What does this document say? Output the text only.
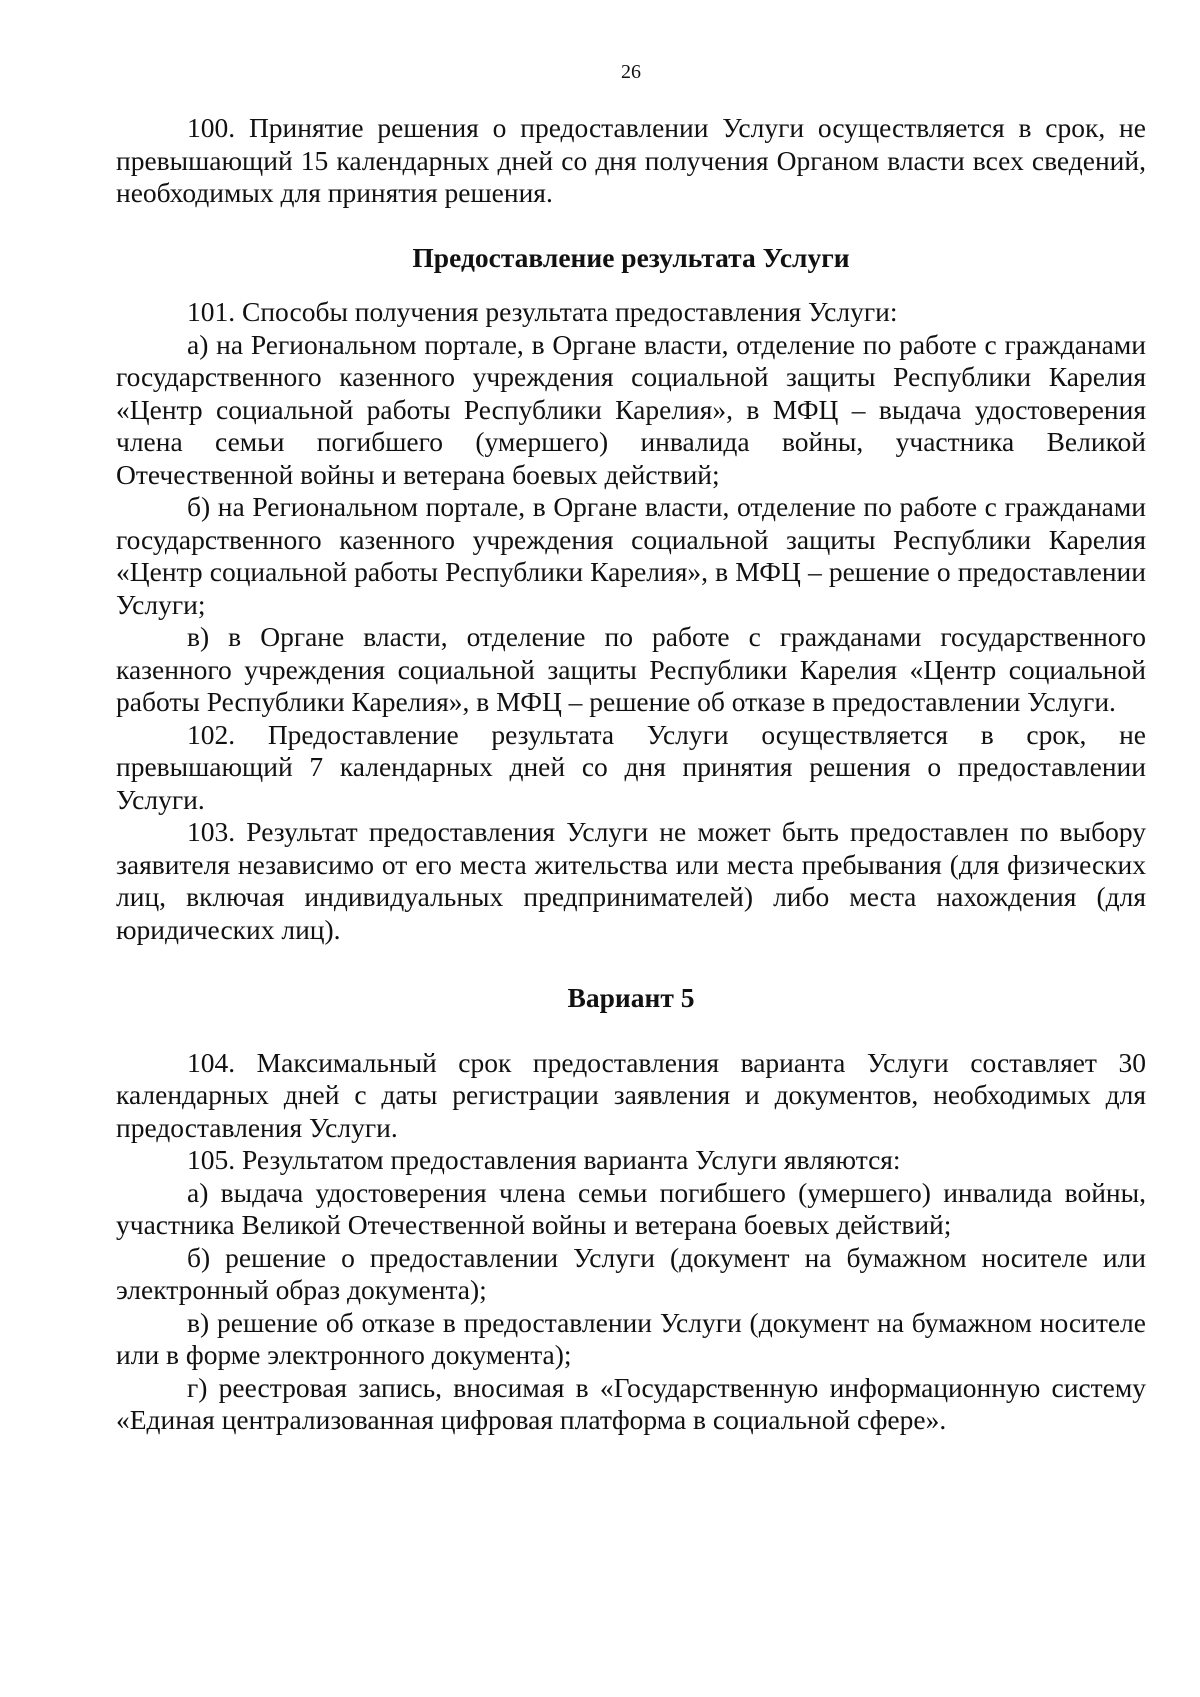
26

100. Принятие решения о предоставлении Услуги осуществляется в срок, не превышающий 15 календарных дней со дня получения Органом власти всех сведений, необходимых для принятия решения.

Предоставление результата Услуги

101. Способы получения результата предоставления Услуги:

а) на Региональном портале, в Органе власти, отделение по работе с гражданами государственного казенного учреждения социальной защиты Республики Карелия «Центр социальной работы Республики Карелия», в МФЦ – выдача удостоверения члена семьи погибшего (умершего) инвалида войны, участника Великой Отечественной войны и ветерана боевых действий;

б) на Региональном портале, в Органе власти, отделение по работе с гражданами государственного казенного учреждения социальной защиты Республики Карелия «Центр социальной работы Республики Карелия», в МФЦ – решение о предоставлении Услуги;

в) в Органе власти, отделение по работе с гражданами государственного казенного учреждения социальной защиты Республики Карелия «Центр социальной работы Республики Карелия», в МФЦ – решение об отказе в предоставлении Услуги.

102. Предоставление результата Услуги осуществляется в срок, не превышающий 7 календарных дней со дня принятия решения о предоставлении Услуги.

103. Результат предоставления Услуги не может быть предоставлен по выбору заявителя независимо от его места жительства или места пребывания (для физических лиц, включая индивидуальных предпринимателей) либо места нахождения (для юридических лиц).

Вариант 5

104. Максимальный срок предоставления варианта Услуги составляет 30 календарных дней с даты регистрации заявления и документов, необходимых для предоставления Услуги.

105. Результатом предоставления варианта Услуги являются:

а) выдача удостоверения члена семьи погибшего (умершего) инвалида войны, участника Великой Отечественной войны и ветерана боевых действий;

б) решение о предоставлении Услуги (документ на бумажном носителе или электронный образ документа);

в) решение об отказе в предоставлении Услуги (документ на бумажном носителе или в форме электронного документа);

г) реестровая запись, вносимая в «Государственную информационную систему «Единая централизованная цифровая платформа в социальной сфере».
